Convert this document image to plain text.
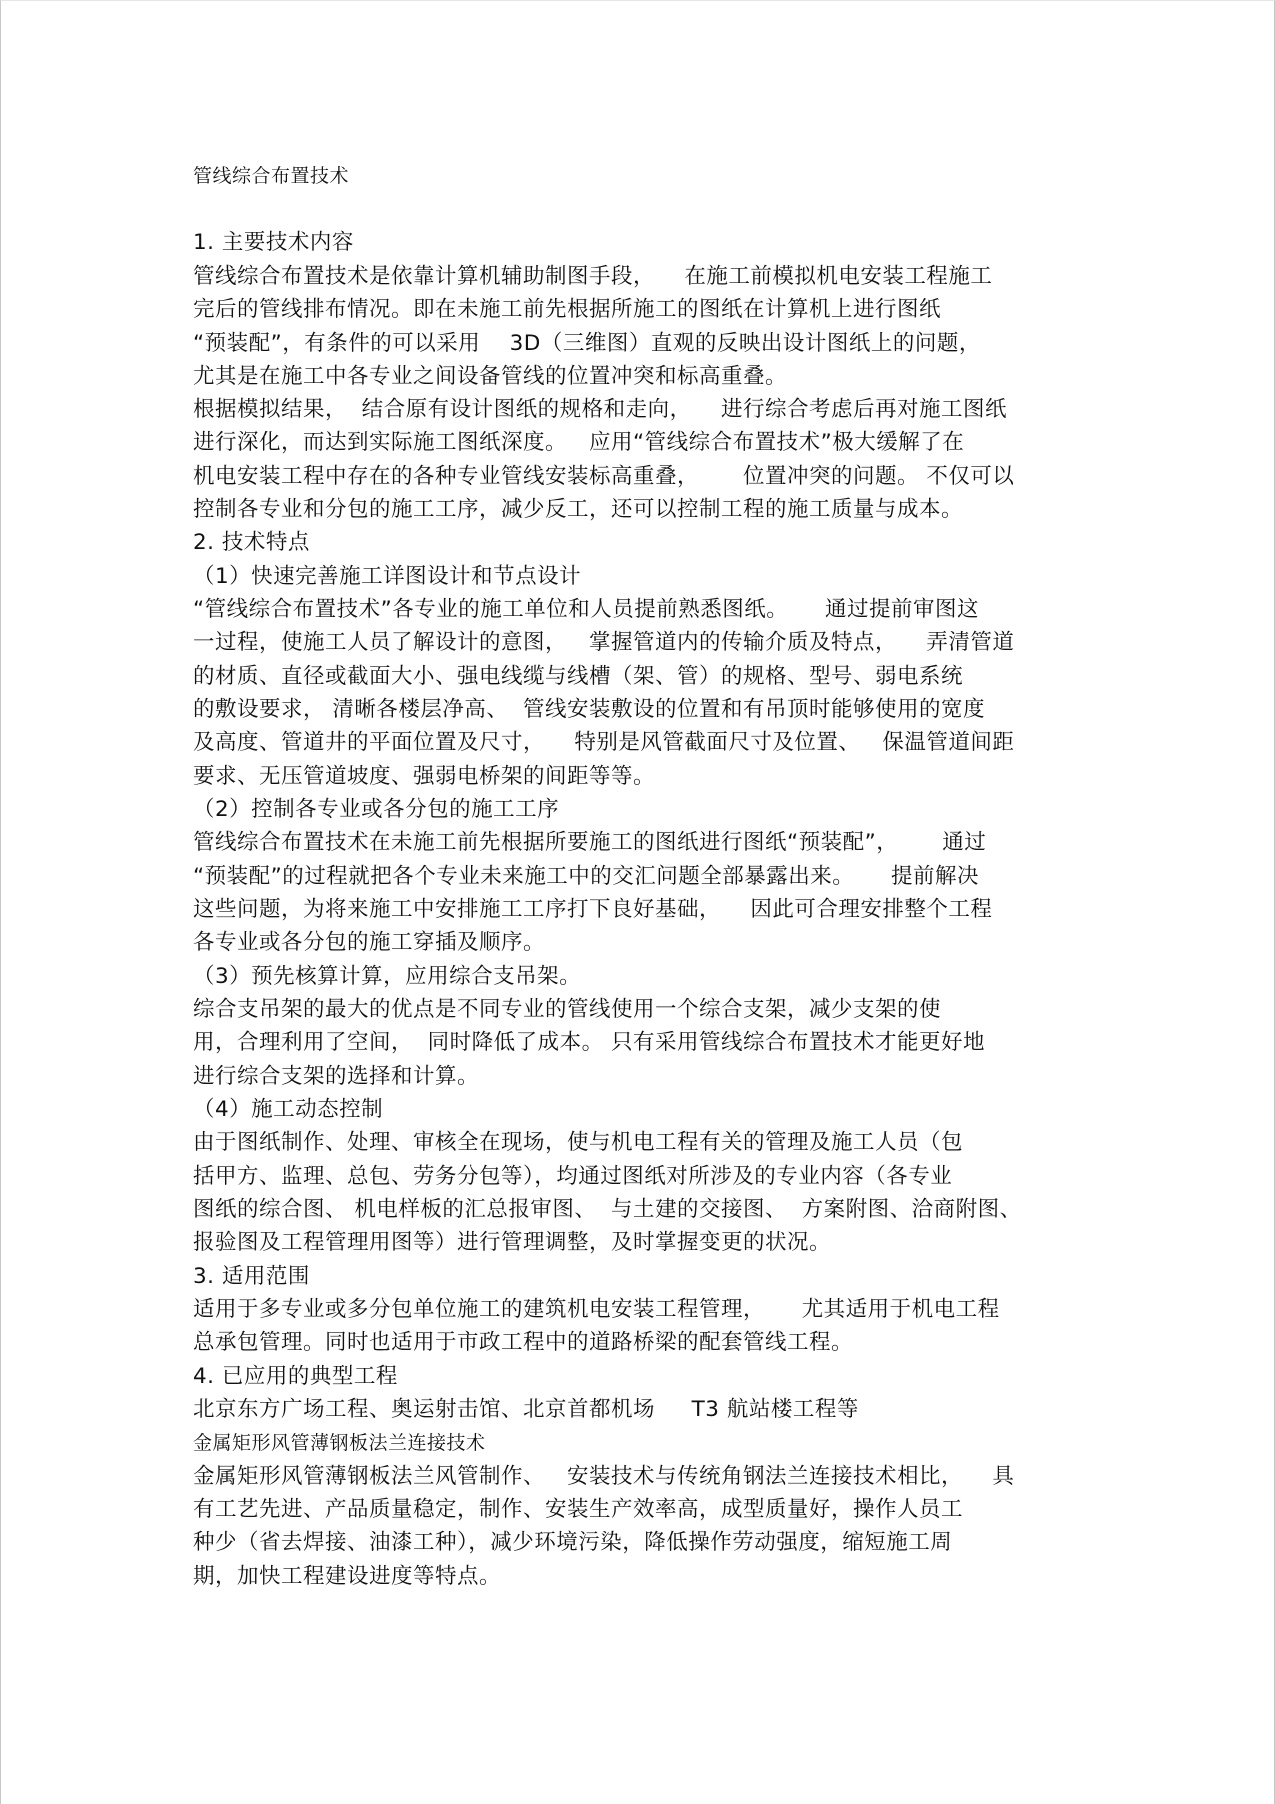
管线综合布置技术
1. 主要技术内容
管线综合布置技术是依靠计算机辅助制图手段，    在施工前模拟机电安装工程施工
完后的管线排布情况。即在未施工前先根据所施工的图纸在计算机上进行图纸
“预装配”，有条件的可以采用    3D（三维图）直观的反映出设计图纸上的问题，
尤其是在施工中各专业之间设备管线的位置冲突和标高重叠。
根据模拟结果，  结合原有设计图纸的规格和走向，    进行综合考虑后再对施工图纸
进行深化，而达到实际施工图纸深度。   应用“管线综合布置技术”极大缓解了在
机电安装工程中存在的各种专业管线安装标高重叠，      位置冲突的问题。 不仅可以
控制各专业和分包的施工工序，减少反工，还可以控制工程的施工质量与成本。
2. 技术特点
（1）快速完善施工详图设计和节点设计
“管线综合布置技术”各专业的施工单位和人员提前熟悉图纸。     通过提前审图这
一过程，使施工人员了解设计的意图，   掌握管道内的传输介质及特点，    弄清管道
的材质、直径或截面大小、强电线缆与线槽（架、管）的规格、型号、弱电系统
的敷设要求， 清晰各楼层净高、  管线安装敷设的位置和有吊顶时能够使用的宽度
及高度、管道井的平面位置及尺寸，    特别是风管截面尺寸及位置、   保温管道间距
要求、无压管道坡度、强弱电桥架的间距等等。
（2）控制各专业或各分包的施工工序
管线综合布置技术在未施工前先根据所要施工的图纸进行图纸“预装配”，      通过
“预装配”的过程就把各个专业未来施工中的交汇问题全部暴露出来。     提前解决
这些问题，为将来施工中安排施工工序打下良好基础，    因此可合理安排整个工程
各专业或各分包的施工穿插及顺序。
（3）预先核算计算，应用综合支吊架。
综合支吊架的最大的优点是不同专业的管线使用一个综合支架，减少支架的使
用，合理利用了空间，  同时降低了成本。 只有采用管线综合布置技术才能更好地
进行综合支架的选择和计算。
（4）施工动态控制
由于图纸制作、处理、审核全在现场，使与机电工程有关的管理及施工人员（包
括甲方、监理、总包、劳务分包等），均通过图纸对所涉及的专业内容（各专业
图纸的综合图、 机电样板的汇总报审图、  与土建的交接图、  方案附图、洽商附图、
报验图及工程管理用图等）进行管理调整，及时掌握变更的状况。
3. 适用范围
适用于多专业或多分包单位施工的建筑机电安装工程管理，     尤其适用于机电工程
总承包管理。同时也适用于市政工程中的道路桥梁的配套管线工程。
4. 已应用的典型工程
北京东方广场工程、奥运射击馆、北京首都机场     T3 航站楼工程等
金属矩形风管薄钢板法兰连接技术
金属矩形风管薄钢板法兰风管制作、   安装技术与传统角钢法兰连接技术相比，    具
有工艺先进、产品质量稳定，制作、安装生产效率高，成型质量好，操作人员工
种少（省去焊接、油漆工种），减少环境污染，降低操作劳动强度，缩短施工周
期，加快工程建设进度等特点。
